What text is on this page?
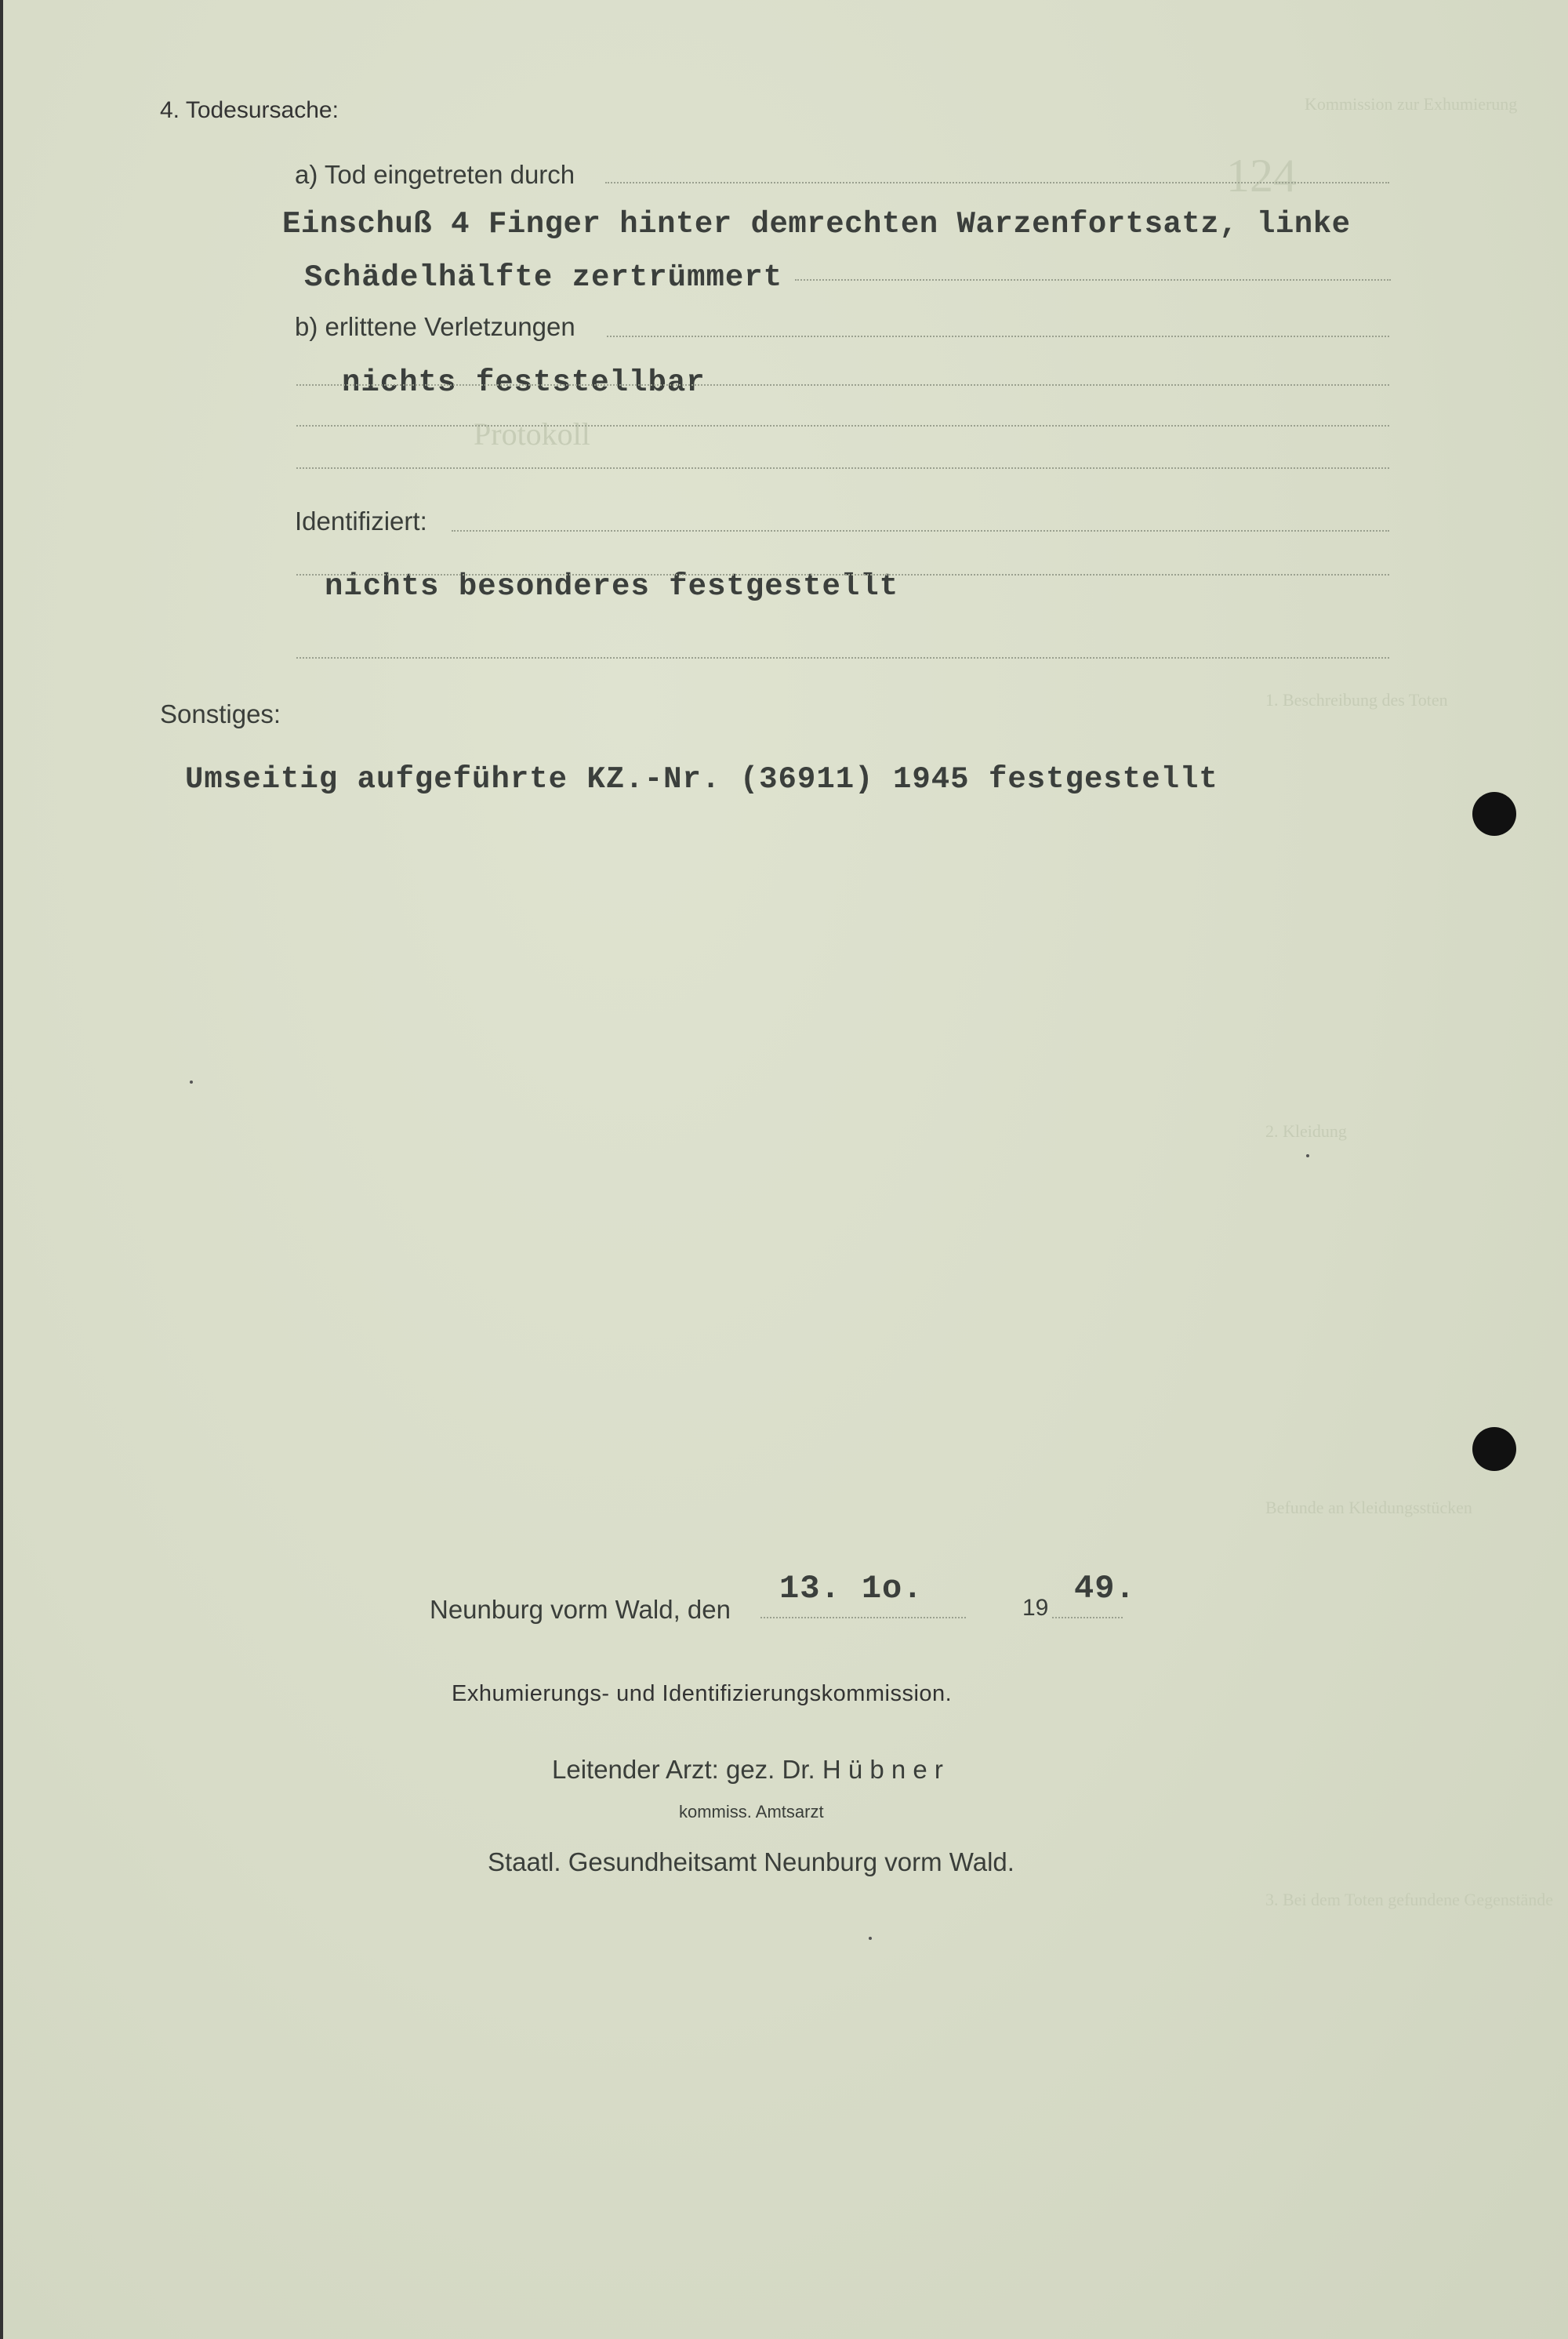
Protokoll
124
Kommission zur Exhumierung
1. Beschreibung des Toten
2. Kleidung
Befunde an Kleidungsstücken
3. Bei dem Toten gefundene Gegenstände
4. Todesursache:
a) Tod eingetreten durch
Einschuß 4 Finger hinter demrechten Warzenfortsatz, linke
Schädelhälfte zertrümmert
b) erlittene Verletzungen
nichts feststellbar
Identifiziert:
nichts besonderes festgestellt
Sonstiges:
Umseitig aufgeführte KZ.-Nr. (36911) 1945 festgestellt
Neunburg vorm Wald, den
13. 1o.
19
49.
Exhumierungs- und Identifizierungskommission.
Leitender Arzt: gez. Dr. H ü b n e r
kommiss. Amtsarzt
Staatl. Gesundheitsamt Neunburg vorm Wald.
